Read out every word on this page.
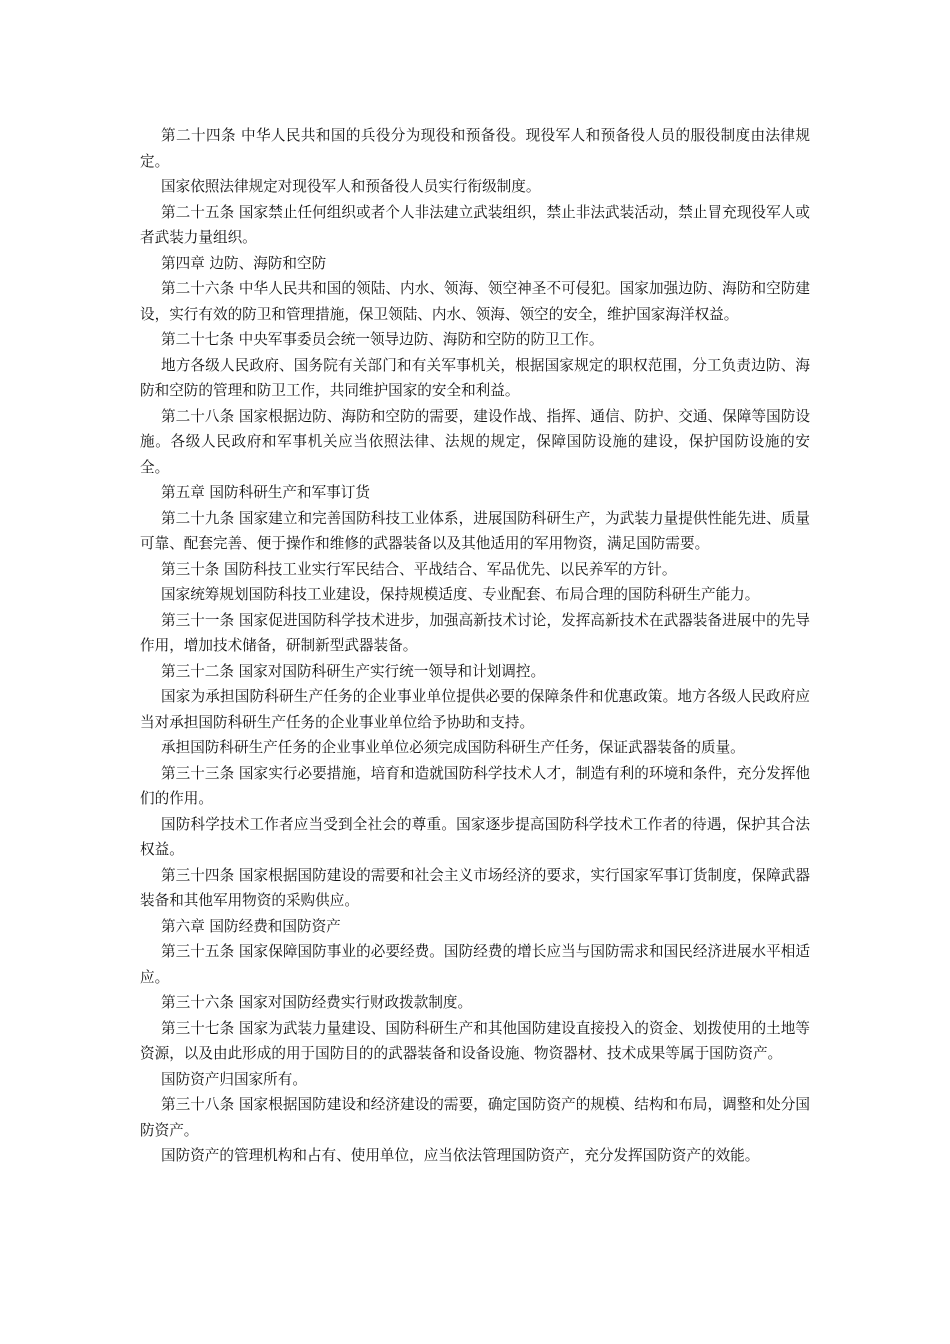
第二十四条 中华人民共和国的兵役分为现役和预备役。现役军人和预备役人员的服役制度由法律规定。

国家依照法律规定对现役军人和预备役人员实行衔级制度。

第二十五条 国家禁止任何组织或者个人非法建立武装组织，禁止非法武装活动，禁止冒充现役军人或者武装力量组织。

第四章 边防、海防和空防

第二十六条 中华人民共和国的领陆、内水、领海、领空神圣不可侵犯。国家加强边防、海防和空防建设，实行有效的防卫和管理措施，保卫领陆、内水、领海、领空的安全，维护国家海洋权益。

第二十七条 中央军事委员会统一领导边防、海防和空防的防卫工作。

地方各级人民政府、国务院有关部门和有关军事机关，根据国家规定的职权范围，分工负责边防、海防和空防的管理和防卫工作，共同维护国家的安全和利益。

第二十八条 国家根据边防、海防和空防的需要，建设作战、指挥、通信、防护、交通、保障等国防设施。各级人民政府和军事机关应当依照法律、法规的规定，保障国防设施的建设，保护国防设施的安全。

第五章 国防科研生产和军事订货

第二十九条 国家建立和完善国防科技工业体系，进展国防科研生产，为武装力量提供性能先进、质量可靠、配套完善、便于操作和维修的武器装备以及其他适用的军用物资，满足国防需要。

第三十条 国防科技工业实行军民结合、平战结合、军品优先、以民养军的方针。

国家统筹规划国防科技工业建设，保持规模适度、专业配套、布局合理的国防科研生产能力。

第三十一条 国家促进国防科学技术进步，加强高新技术讨论，发挥高新技术在武器装备进展中的先导作用，增加技术储备，研制新型武器装备。

第三十二条 国家对国防科研生产实行统一领导和计划调控。

国家为承担国防科研生产任务的企业事业单位提供必要的保障条件和优惠政策。地方各级人民政府应当对承担国防科研生产任务的企业事业单位给予协助和支持。

承担国防科研生产任务的企业事业单位必须完成国防科研生产任务，保证武器装备的质量。

第三十三条 国家实行必要措施，培育和造就国防科学技术人才，制造有利的环境和条件，充分发挥他们的作用。

国防科学技术工作者应当受到全社会的尊重。国家逐步提高国防科学技术工作者的待遇，保护其合法权益。

第三十四条 国家根据国防建设的需要和社会主义市场经济的要求，实行国家军事订货制度，保障武器装备和其他军用物资的采购供应。

第六章 国防经费和国防资产

第三十五条 国家保障国防事业的必要经费。国防经费的增长应当与国防需求和国民经济进展水平相适应。

第三十六条 国家对国防经费实行财政拨款制度。

第三十七条 国家为武装力量建设、国防科研生产和其他国防建设直接投入的资金、划拨使用的土地等资源，以及由此形成的用于国防目的的武器装备和设备设施、物资器材、技术成果等属于国防资产。

国防资产归国家所有。

第三十八条 国家根据国防建设和经济建设的需要，确定国防资产的规模、结构和布局，调整和处分国防资产。

国防资产的管理机构和占有、使用单位，应当依法管理国防资产，充分发挥国防资产的效能。
